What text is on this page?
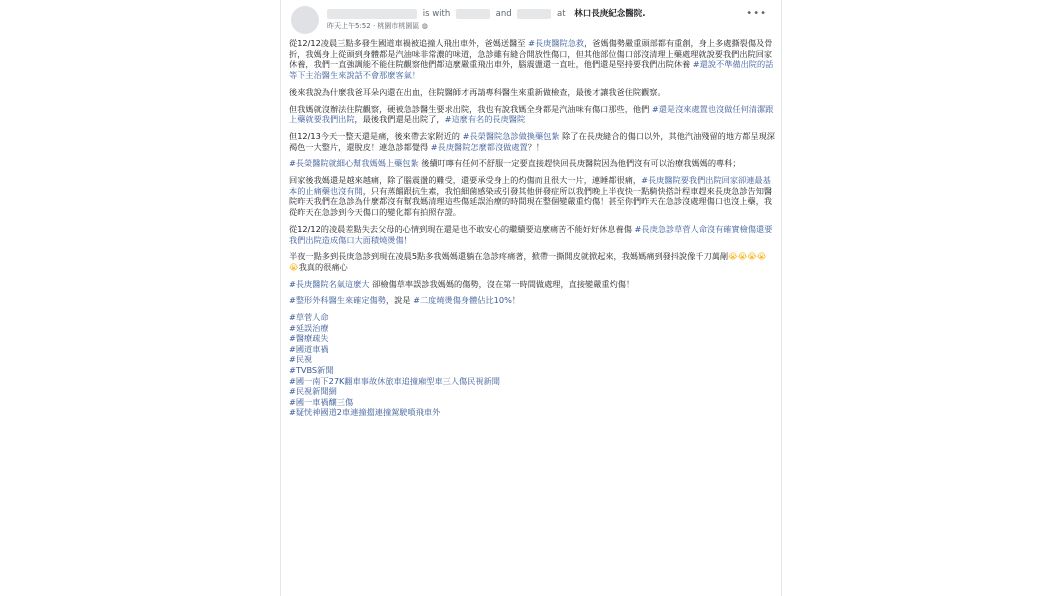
is with	and	at 林口長庚紀念醫院.
昨天上午5:52 · 桃園市桃園區 ◍
•••

從12/12凌晨三點多發生國道車禍被追撞人飛出車外，爸媽送醫至 #長庚醫院急救，爸媽傷勢嚴重頭部都有重創，身上多處撕裂傷及骨折，我媽身上從頭到身體都是汽油味非常濃的味道，急診雖有縫合開放性傷口，但其他部位傷口部沒清理上藥處理就說要我們出院回家休養，我們一直強調能不能住院觀察他們都這麼嚴重飛出車外，腦震盪還一直吐，他們還是堅持要我們出院休養 #還說不準備出院的話等下主治醫生來說話不會那麼客氣！

後來我說為什麼我爸耳朵內還在出血，住院醫師才再請專科醫生來重新做檢查，最後才讓我爸住院觀察。

但我媽就沒辦法住院觀察，硬被急診醫生要求出院，我也有說我媽全身都是汽油味有傷口那些，他們 #還是沒來處置也沒做任何清潔跟上藥就要我們出院，最後我們還是出院了，#這麼有名的長庚醫院

但12/13今天一整天還是痛，後來帶去家附近的 #長榮醫院急診做換藥包紮 除了在長庚縫合的傷口以外，其他汽油殘留的地方都呈現深褐色一大整片，還脫皮！連急診都覺得 #長庚醫院怎麼都沒做處置？！

#長榮醫院就細心幫我媽媽上藥包紮 後續叮嚀有任何不舒服一定要直接趕快回長庚醫院因為他們沒有可以治療我媽媽的專科；

回家後我媽還是越來越痛，除了腦震盪的難受，還要承受身上的灼傷而且很大一片，連睡都很痛，#長庚醫院要我們出院回家卻連最基本的止痛藥也沒有開，只有蒸餾跟抗生素，我怕細菌感染或引發其他併發症所以我們晚上半夜快一點騎快搭計程車趕來長庚急診告知醫院昨天我們在急診為什麼都沒有幫我媽清理這些傷延誤治療的時間現在整個變嚴重灼傷！甚至你們昨天在急診沒處理傷口也沒上藥，我從昨天在急診到今天傷口的變化都有拍照存證。

從12/12的凌晨差點失去父母的心情到現在還是也不敢安心的繼續要這麼痛苦不能好好休息養傷 #長庚急診草菅人命沒有確實檢傷還要我們出院造成傷口大面積燒燙傷！

半夜一點多到長庚急診到現在凌晨5點多我媽媽還躺在急診疼痛著，掀帶一撕開皮就掀起來，我媽媽痛到發抖說像千刀萬剮😭😭😭😭😭我真的很痛心

#長庚醫院名氣這麼大 卻檢傷草率誤診我媽媽的傷勢，沒在第一時間做處理，直接變嚴重灼傷！

#整形外科醫生來確定傷勢，說是 #二度燒燙傷身體佔比10%！

#草菅人命
#延誤治療
#醫療疏失
#國道車禍
#民視
#TVBS新聞
#國一南下27K翻車事故休旅車追撞廂型車三人傷民視新聞
#民視新聞網
#國一車禍釀三傷
#疑恍神國道2車連撞擋連撞駕駛噴飛車外
